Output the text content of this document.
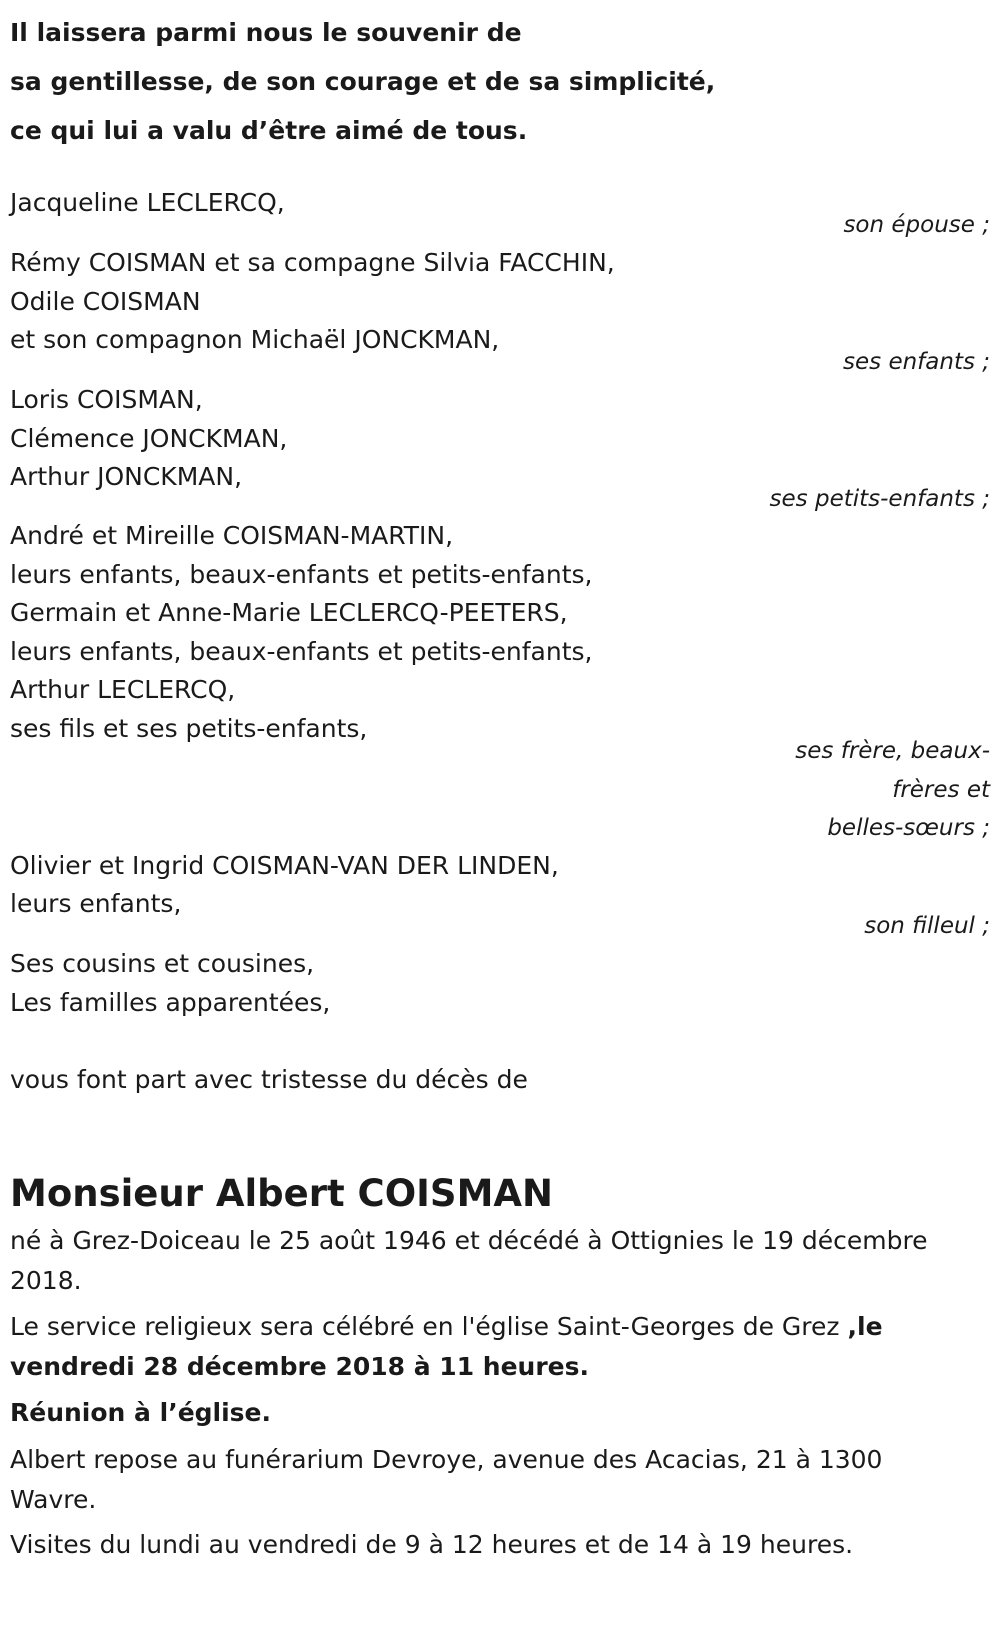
Il laissera parmi nous le souvenir de
sa gentillesse, de son courage et de sa simplicité,
ce qui lui a valu d’être aimé de tous.
Jacqueline LECLERCQ,
son épouse ;
Rémy COISMAN et sa compagne Silvia FACCHIN,
Odile COISMAN
et son compagnon Michaël JONCKMAN,
ses enfants ;
Loris COISMAN,
Clémence JONCKMAN,
Arthur JONCKMAN,
ses petits-enfants ;
André et Mireille COISMAN-MARTIN,
leurs enfants, beaux-enfants et petits-enfants,
Germain et Anne-Marie LECLERCQ-PEETERS,
leurs enfants, beaux-enfants et petits-enfants,
Arthur LECLERCQ,
ses fils et ses petits-enfants,
ses frère, beaux-
frères et
belles-sœurs ;
Olivier et Ingrid COISMAN-VAN DER LINDEN,
leurs enfants,
son filleul ;
Ses cousins et cousines,
Les familles apparentées,
vous font part avec tristesse du décès de
Monsieur Albert COISMAN
né à Grez-Doiceau le 25 août 1946 et décédé à Ottignies le 19 décembre 2018.
Le service religieux sera célébré en l'église Saint-Georges de Grez ,le vendredi 28 décembre 2018 à 11 heures.
Réunion à l’église.
Albert repose au funérarium Devroye, avenue des Acacias, 21 à 1300 Wavre.
Visites du lundi au vendredi de 9 à 12 heures et de 14 à 19 heures.
